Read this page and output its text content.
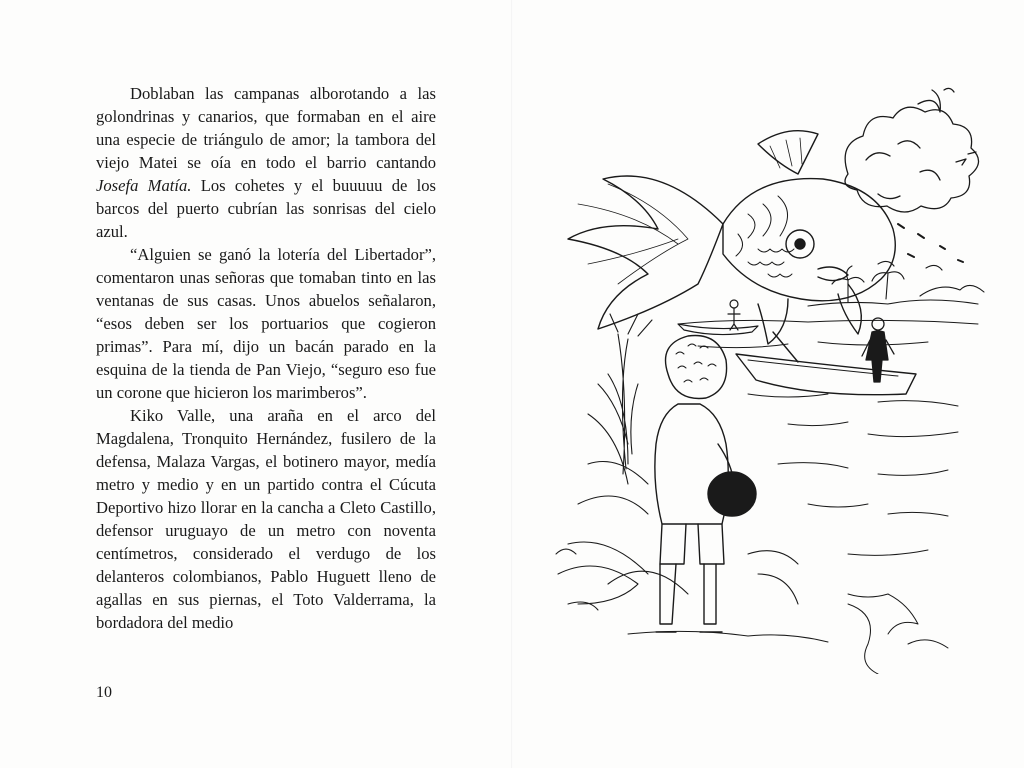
Doblaban las campanas alborotando a las golondrinas y canarios, que formaban en el aire una especie de triángulo de amor; la tambora del viejo Matei se oía en todo el barrio cantando Josefa Matía. Los cohetes y el buuuuu de los barcos del puerto cubrían las sonrisas del cielo azul.

“Alguien se ganó la lotería del Libertador”, comentaron unas señoras que tomaban tinto en las ventanas de sus casas. Unos abuelos señalaron, “esos deben ser los portuarios que cogieron primas”. Para mí, dijo un bacán parado en la esquina de la tienda de Pan Viejo, “seguro eso fue un corone que hicieron los marimberos”.

Kiko Valle, una araña en el arco del Magdalena, Tronquito Hernández, fusilero de la defensa, Malaza Vargas, el botinero mayor, medía metro y medio y en un partido contra el Cúcuta Deportivo hizo llorar en la cancha a Cleto Castillo, defensor uruguayo de un metro con noventa centímetros, considerado el verdugo de los delanteros colombianos, Pablo Huguett lleno de agallas en sus piernas, el Toto Valderrama, la bordadora del medio

10
